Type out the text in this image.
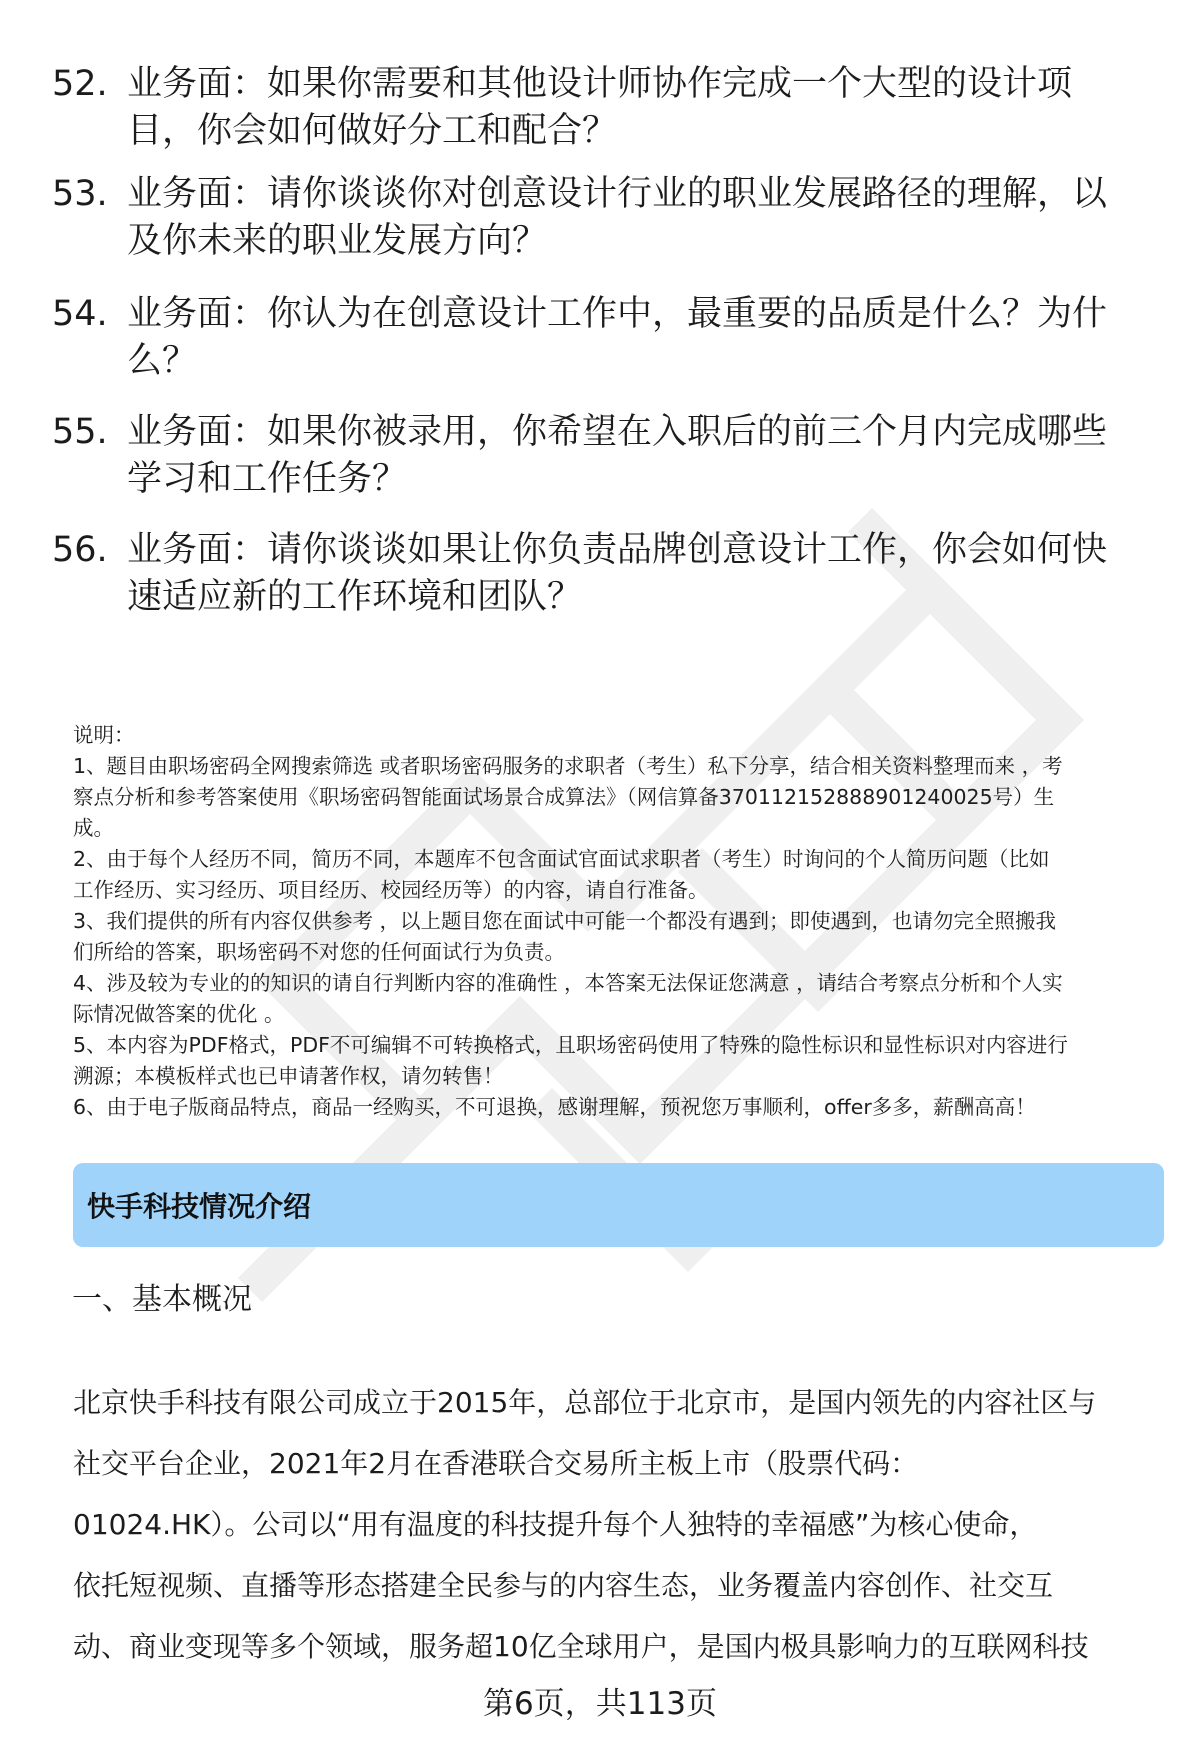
52. 业务面：如果你需要和其他设计师协作完成一个大型的设计项
目，你会如何做好分工和配合？
53. 业务面：请你谈谈你对创意设计行业的职业发展路径的理解，以
及你未来的职业发展方向？
54. 业务面：你认为在创意设计工作中，最重要的品质是什么？为什
么？
55. 业务面：如果你被录用，你希望在入职后的前三个月内完成哪些
学习和工作任务？
56. 业务面：请你谈谈如果让你负责品牌创意设计工作，你会如何快
速适应新的工作环境和团队？
说明：
1、题目由职场密码全网搜索筛选 或者职场密码服务的求职者（考生）私下分享，结合相关资料整理而来 ，考
察点分析和参考答案使用《职场密码智能面试场景合成算法》（网信算备370112152888901240025号）生
成。
2、由于每个人经历不同，简历不同，本题库不包含面试官面试求职者（考生）时询问的个人简历问题（比如
工作经历、实习经历、项目经历、校园经历等）的内容，请自行准备。
3、我们提供的所有内容仅供参考 ，以上题目您在面试中可能一个都没有遇到；即使遇到，也请勿完全照搬我
们所给的答案，职场密码不对您的任何面试行为负责。
4、涉及较为专业的的知识的请自行判断内容的准确性 ，本答案无法保证您满意 ，请结合考察点分析和个人实
际情况做答案的优化 。
5、本内容为PDF格式，PDF不可编辑不可转换格式，且职场密码使用了特殊的隐性标识和显性标识对内容进行
溯源；本模板样式也已申请著作权，请勿转售！
6、由于电子版商品特点，商品一经购买，不可退换，感谢理解，预祝您万事顺利，offer多多，薪酬高高！
快手科技情况介绍
一、基本概况
北京快手科技有限公司成立于2015年，总部位于北京市，是国内领先的内容社区与
社交平台企业，2021年2月在香港联合交易所主板上市（股票代码：
01024.HK）。公司以“用有温度的科技提升每个人独特的幸福感”为核心使命，
依托短视频、直播等形态搭建全民参与的内容生态，业务覆盖内容创作、社交互
动、商业变现等多个领域，服务超10亿全球用户，是国内极具影响力的互联网科技
第6页，共113页
